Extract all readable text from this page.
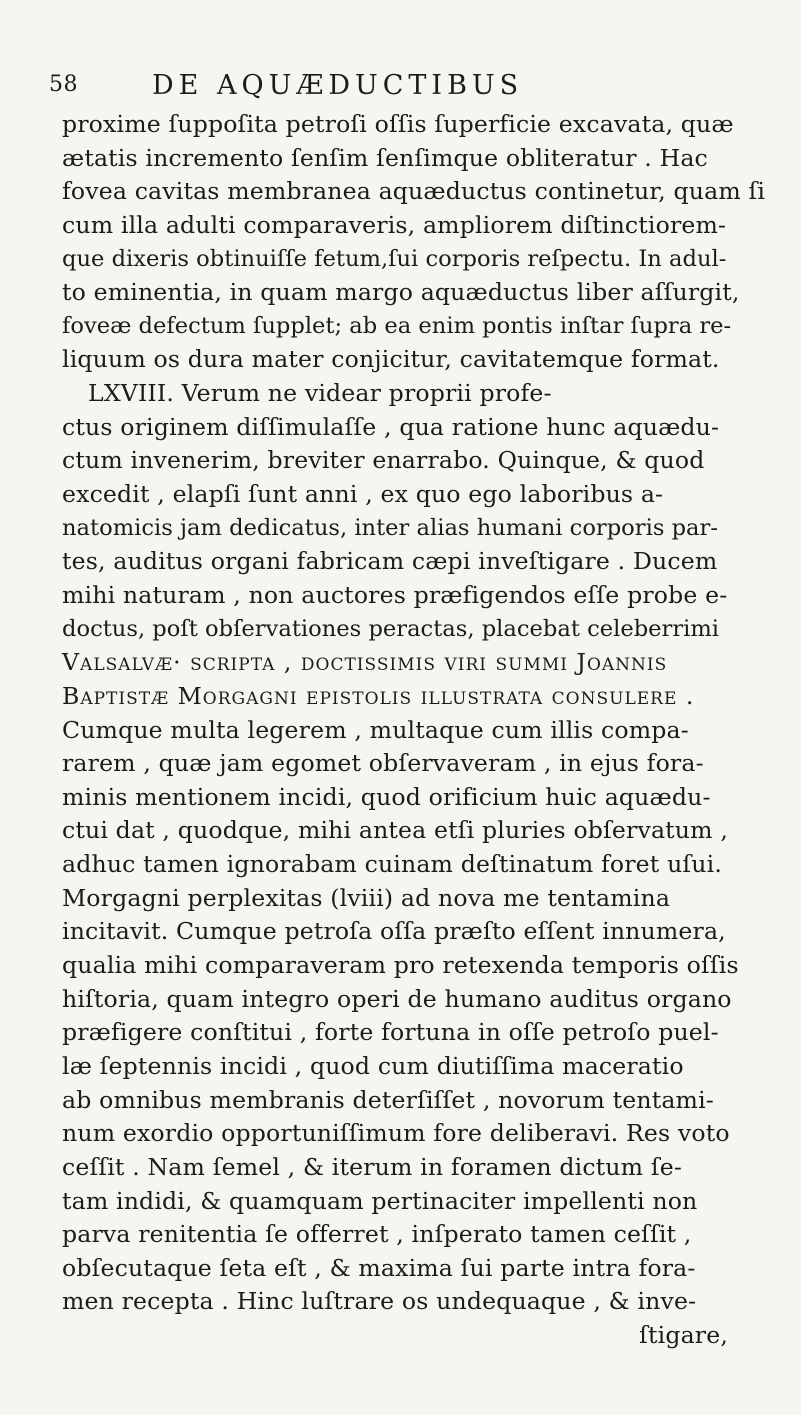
58	DE AQUÆDUCTIBUS
proxime ſuppoſita petroſi oſſis ſuperficie excavata, quæ
ætatis incremento ſenſim ſenſimque obliteratur . Hac
fovea cavitas membranea aquæductus continetur, quam ſi
cum illa adulti comparaveris, ampliorem diſtinctiorem-
que dixeris obtinuiſſe fetum,ſui corporis reſpectu. In adul-
to eminentia, in quam margo aquæductus liber aſſurgit,
foveæ defectum ſupplet; ab ea enim pontis inſtar ſupra re-
liquum os dura mater conjicitur, cavitatemque format.
LXVIII. Verum ne videar proprii profe-
ctus originem diſſimulaſſe , qua ratione hunc aquædu-
ctum invenerim, breviter enarrabo. Quinque, & quod
excedit , elapſi ſunt anni , ex quo ego laboribus a-
natomicis jam dedicatus, inter alias humani corporis par-
tes, auditus organi fabricam cæpi inveſtigare . Ducem
mihi naturam , non auctores præfigendos eſſe probe e-
doctus, poſt obſervationes peractas, placebat celeberrimi
Valsalvæ· ſcripta , doctiſſimis viri ſummi Joannis
Baptistæ Morgagni epiſtolis illuſtrata conſulere .
Cumque multa legerem , multaque cum illis compa-
rarem , quæ jam egomet obſervaveram , in ejus fora-
minis mentionem incidi, quod orificium huic aquædu-
ctui dat , quodque, mihi antea etſi pluries obſervatum ,
adhuc tamen ignorabam cuinam deſtinatum foret uſui.
Morgagni perplexitas (lviii) ad nova me tentamina
incitavit. Cumque petroſa oſſa præſto eſſent innumera,
qualia mihi comparaveram pro retexenda temporis oſſis
hiſtoria, quam integro operi de humano auditus organo
præfigere conſtitui , forte fortuna in oſſe petroſo puel-
læ ſeptennis incidi , quod cum diutiſſima maceratio
ab omnibus membranis deterſiſſet , novorum tentami-
num exordio opportuniſſimum fore deliberavi. Res voto
ceſſit . Nam ſemel , & iterum in foramen dictum ſe-
tam indidi, & quamquam pertinaciter impellenti non
parva renitentia ſe offerret , inſperato tamen ceſſit ,
obſecutaque ſeta eſt , & maxima ſui parte intra fora-
men recepta . Hinc luſtrare os undequaque , & inve-
ſtigare,
